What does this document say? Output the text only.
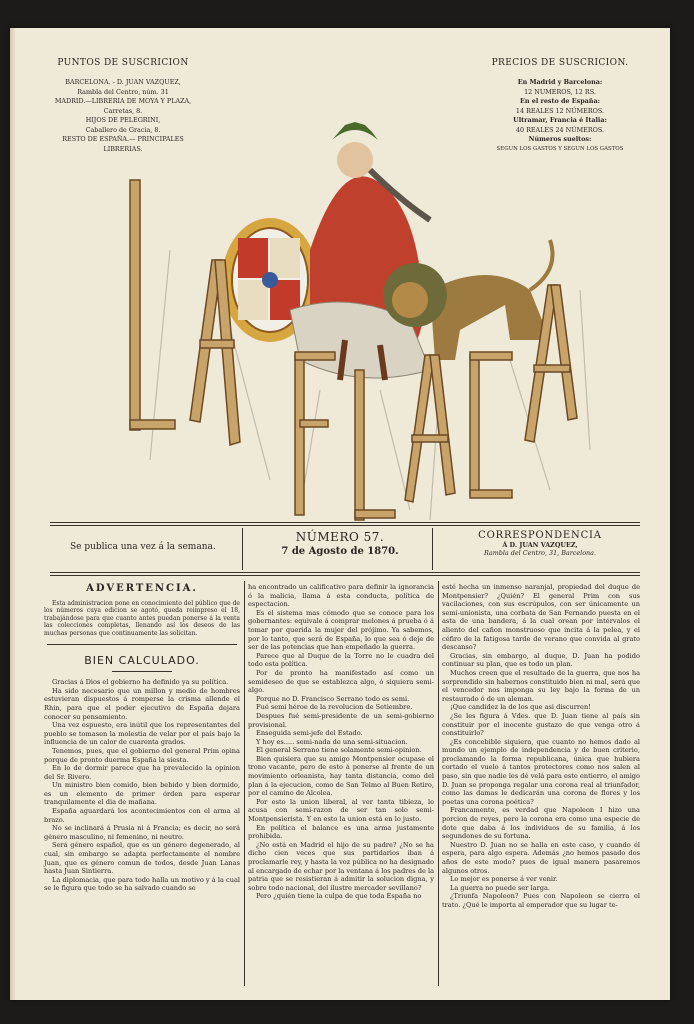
PUNTOS DE SUSCRICION
BARCELONA. - D. JUAN VAZQUEZ,
Rambla del Centro, núm. 31
MADRID.—LIBRERIA DE MOYA Y PLAZA,
Carretas, 8.
HIJOS DE PELEGRINI,
Caballero de Gracia, 8.
RESTO DE ESPAÑA.— PRINCIPALES
LIBRERIAS.
PRECIOS DE SUSCRICION.
En Madrid y Barcelona:
12 NUMEROS, 12 RS.
En el resto de España:
14 REALES 12 NÚMEROS.
Ultramar, Francia é Italia:
40 REALES 24 NÚMEROS.
Números sueltos:
SEGUN LOS GASTOS Y SEGUN LOS GASTOS
Se publica una vez á la semana.
NÚMERO 57.
7 de Agosto de 1870.
CORRESPONDENCIA
Á D. JUAN VAZQUEZ,
Rambla del Centro, 31, Barcelona.
ADVERTENCIA.

Esta administracion pone en conocimiento del público que de los números cuya edicion se agotó, queda reimpreso el 18, trabajándose para que cuanto antes puedan ponerse á la venta las colecciones completas, llenando así los deseos de las muchas personas que continuamente las solicitan.

BIEN CALCULADO.

Gracias á Dios el gobierno ha definido ya su política.

Ha sido necesario que un millon y medio de hombres estuvieran dispuestos á romperse la crisma allende el Rhin, para que el poder ejecutivo de España dejara conocer su pensamiento.

Una vez espuesto, era inútil que los representantes del pueblo se tomasen la molestia de velar por el país bajo la influencia de un calor de cuarenta grados.

Tenemos, pues, que el gobierno del general Prim opina porque de pronto duerma España la siesta.

En lo de dormir parece que ha prevalecido la opinion del Sr. Rivero.

Un ministro bien comido, bien bebido y bien dormido, es un elemento de primer órden para esperar tranquilamente el dia de mañana.

España aguardará los acontecimientos con el arma al brazo.

No se inclinará á Prusia ni á Francia; es decir, no será género masculino, ni femenino, ni neutro.

Será género español, que es un género degenerado, al cual, sin embargo se adapta perfectamente el nombre Juan, que es género comun de todos, desde Juan Lanas hasta Juan Sintierra.

La diplomacia, que para todo halla un motivo y á la cual se le figura que todo se ha salvado cuando se

ha encontrado un calificativo para definir la ignorancia ó la malicia, llama á esta conducta, política de espectacion.

Es el sistema mas cómodo que se conoce para los gobernantes: equivale á comprar melones á prueba ó á tomar por querida la mujer del prójimo. Ya sabemos, por lo tanto, que será de España, lo que sea ó deje de ser de las potencias que han empeñado la guerra.

Parece que al Duque de la Torre no le cuadra del todo esta política.

Por de pronto ha manifestado así como un semideseo de que se establezca algo, ó siquiera semi-algo.

Porque no D. Francisco Serrano todo es semi.

Fué semi héroe de la revolucion de Setiembre.

Despues fué semi-presidente de un semi-gobierno provisional.

Enseguida semi-jefe del Estado.

Y hoy es..... semi-nada de una semi-situacion.

El general Serrano tiene solamente semi-opinion.

Bien quisiera que su amigo Montpensier ocupase el trono vacante, pero de esto á ponerse al frente de un movimiento orleanista, hay tanta distancia, como del plan á la ejecucion, como de San Telmo al Buen Retiro, por el camino de Alcolea.

Por esto la union liberal, al ver tanta tibieza, le acusa con semi-razon de ser tan solo semi-Montpensierista. Y en esto la union está en lo justo.

En política el balance es una arma justamente prohibida.

¿No está en Madrid el hijo de su padre? ¿No se ha dicho cien veces que sus partidarios iban á proclamarle rey, y hasta la voz pública no ha designado al encargado de echar por la ventana á los padres de la patria que se resistieran á admitir la solucion digna, y sobre todo nacional, del ilustre mercader sevillano?

Pero ¿quién tiene la culpa de que toda España no

esté hecha un inmenso naranjal, propiedad del duque de Montpensier? ¿Quién? El general Prim con sus vacilaciones, con sus escrúpulos, con ser únicamente un semi-unionista, una corbata de San Fernando puesta en el asta de una bandera, á la cual orean por intérvalos el aliento del cañon monstruoso que incita á la pelea, y el céfiro de la fatigosa tarde de verano que convida al grato descanso?

Gracias, sin embargo, al duque, D. Juan ha podido continuar su plan, que es todo un plan.

Muchos creen que el resultado de la guerra, que nos ha sorprendido sin habernos constituido bien ni mal, será que el vencedor nos imponga su ley bajo la forma de un restaurado ó de un aleman.

¡Que candidez la de los que asi discurren!

¿Se les figura á Vdes. que D. Juan tiene al país sin constituir por el inocente gustazo de que venga otro á constituirlo?

¿Es concebible siquiera, que cuanto no hemos dado al mundo un ejemplo de independencia y de buen criterio, proclamando la forma republicana, única que hubiera cortado el vuelo á tantos protectores como nos salen al paso, sin que nadie les dé velá para este entierro, el amigo D. Juan se proponga regalar una corona real al triunfador, como las damas le dedicarán una corona de flores y los poetas una corona poética?

Francamente, es verdad que Napoleon I hizo una porcion de reyes, pero la corona era como una especie de dote que daba á los individuos de su familia, á los segundones de su fortuna.

Nuestro D. Juan no se halla en este caso, y cuando él espera, para algo espera. Además ¿no hemos pasado dos años de este modo? pues de igual manera pasaremos algunos otros.

Lo mejor es ponerse á ver venir.

La guerra no puede ser larga.

¿Triunfa Napoleon? Pues con Napoleon se cierra el trato. ¿Qué le importa al emperador que su lugar te-
